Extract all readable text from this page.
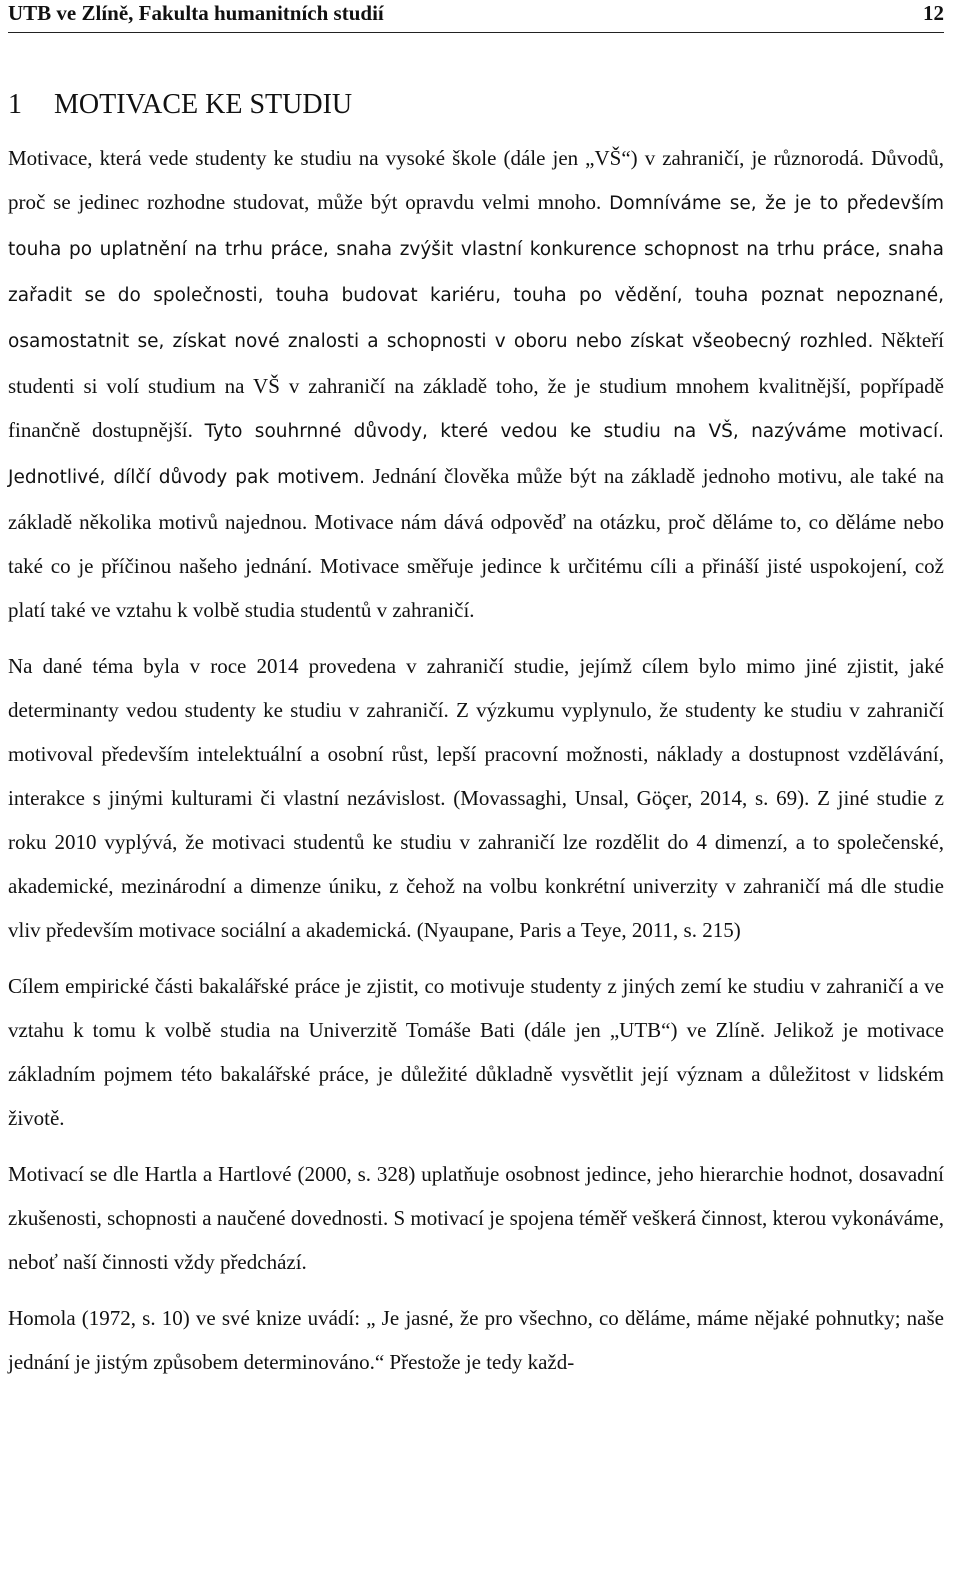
UTB ve Zlíně, Fakulta humanitních studií	12
1	MOTIVACE KE STUDIU

Motivace, která vede studenty ke studiu na vysoké škole (dále jen „VŠ“) v zahraničí, je různorodá. Důvodů, proč se jedinec rozhodne studovat, může být opravdu velmi mnoho. Domníváme se, že je to především touha po uplatnění na trhu práce, snaha zvýšit vlastní konkurence schopnost na trhu práce, snaha zařadit se do společnosti, touha budovat kariéru, touha po vědění, touha poznat nepoznané, osamostatnit se, získat nové znalosti a schopnosti v oboru nebo získat všeobecný rozhled. Někteří studenti si volí studium na VŠ v zahraničí na základě toho, že je studium mnohem kvalitnější, popřípadě finančně dostupnější. Tyto souhrnné důvody, které vedou ke studiu na VŠ, nazýváme motivací. Jednotlivé, dílčí důvody pak motivem. Jednání člověka může být na základě jednoho motivu, ale také na základě několika motivů najednou. Motivace nám dává odpověď na otázku, proč děláme to, co děláme nebo také co je příčinou našeho jednání. Motivace směřuje jedince k určitému cíli a přináší jisté uspokojení, což platí také ve vztahu k volbě studia studentů v zahraničí.

Na dané téma byla v roce 2014 provedena v zahraničí studie, jejímž cílem bylo mimo jiné zjistit, jaké determinanty vedou studenty ke studiu v zahraničí. Z výzkumu vyplynulo, že studenty ke studiu v zahraničí motivoval především intelektuální a osobní růst, lepší pracovní možnosti, náklady a dostupnost vzdělávání, interakce s jinými kulturami či vlastní nezávislost. (Movassaghi, Unsal, Göçer, 2014, s. 69). Z jiné studie z roku 2010 vyplývá, že motivaci studentů ke studiu v zahraničí lze rozdělit do 4 dimenzí, a to společenské, akademické, mezinárodní a dimenze úniku, z čehož na volbu konkrétní univerzity v zahraničí má dle studie vliv především motivace sociální a akademická. (Nyaupane, Paris a Teye, 2011, s. 215)

Cílem empirické části bakalářské práce je zjistit, co motivuje studenty z jiných zemí ke studiu v zahraničí a ve vztahu k tomu k volbě studia na Univerzitě Tomáše Bati (dále jen „UTB“) ve Zlíně. Jelikož je motivace základním pojmem této bakalářské práce, je důležité důkladně vysvětlit její význam a důležitost v lidském životě.

Motivací se dle Hartla a Hartlové (2000, s. 328) uplatňuje osobnost jedince, jeho hierarchie hodnot, dosavadní zkušenosti, schopnosti a naučené dovednosti. S motivací je spojena téměř veškerá činnost, kterou vykonáváme, neboť naší činnosti vždy předchází.

Homola (1972, s. 10) ve své knize uvádí: „ Je jasné, že pro všechno, co děláme, máme nějaké pohnutky; naše jednání je jistým způsobem determinováno.“ Přestože je tedy každ-
